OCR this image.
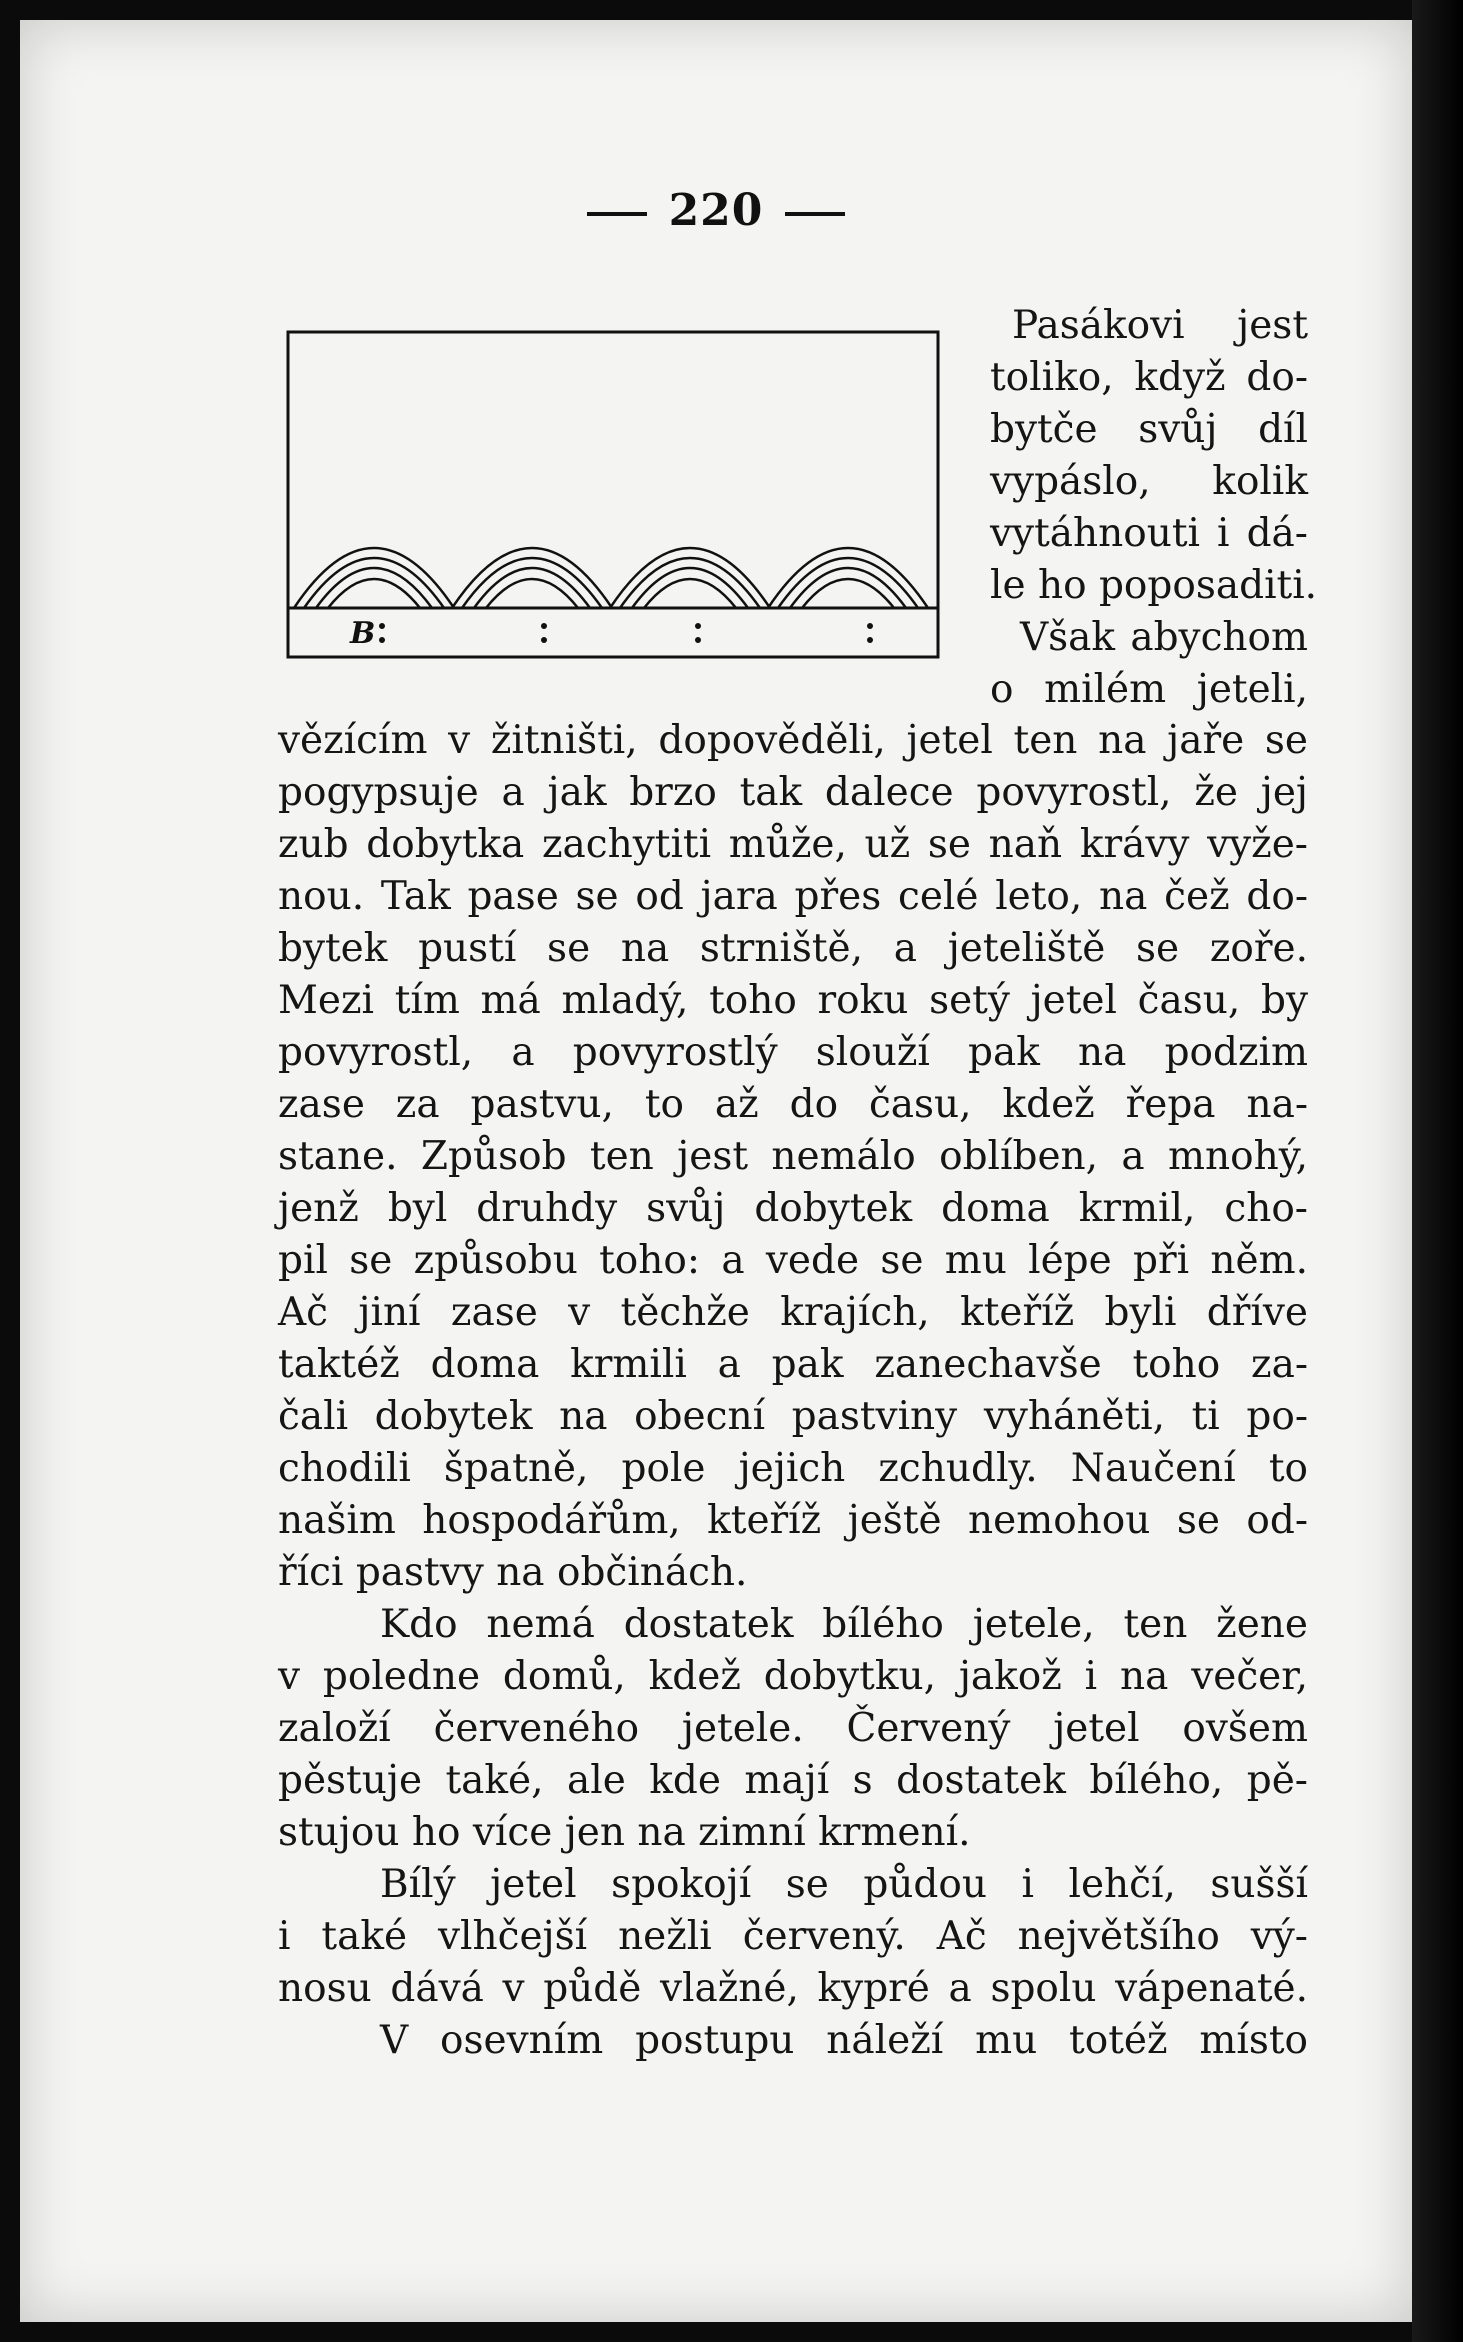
220
B
Pasákovi jest
toliko, když do-
bytče svůj díl
vypáslo, kolik
vytáhnouti i dá-
le ho poposaditi.
Však abychom
o milém jeteli,
vězícím v žitništi, dopověděli, jetel ten na jaře se
pogypsuje a jak brzo tak dalece povyrostl, že jej
zub dobytka zachytiti může, už se naň krávy vyže-
nou. Tak pase se od jara přes celé leto, na čež do-
bytek pustí se na strniště, a jeteliště se zoře.
Mezi tím má mladý, toho roku setý jetel času, by
povyrostl, a povyrostlý slouží pak na podzim
zase za pastvu, to až do času, kdež řepa na-
stane. Způsob ten jest nemálo oblíben, a mnohý,
jenž byl druhdy svůj dobytek doma krmil, cho-
pil se způsobu toho: a vede se mu lépe při něm.
Ač jiní zase v těchže krajích, kteříž byli dříve
taktéž doma krmili a pak zanechavše toho za-
čali dobytek na obecní pastviny vyháněti, ti po-
chodili špatně, pole jejich zchudly. Naučení to
našim hospodářům, kteříž ještě nemohou se od-
říci pastvy na občinách.
Kdo nemá dostatek bílého jetele, ten žene
v poledne domů, kdež dobytku, jakož i na večer,
založí červeného jetele. Červený jetel ovšem
pěstuje také, ale kde mají s dostatek bílého, pě-
stujou ho více jen na zimní krmení.
Bílý jetel spokojí se půdou i lehčí, sušší
i také vlhčejší nežli červený. Ač největšího vý-
nosu dává v půdě vlažné, kypré a spolu vápenaté.
V osevním postupu náleží mu totéž místo
